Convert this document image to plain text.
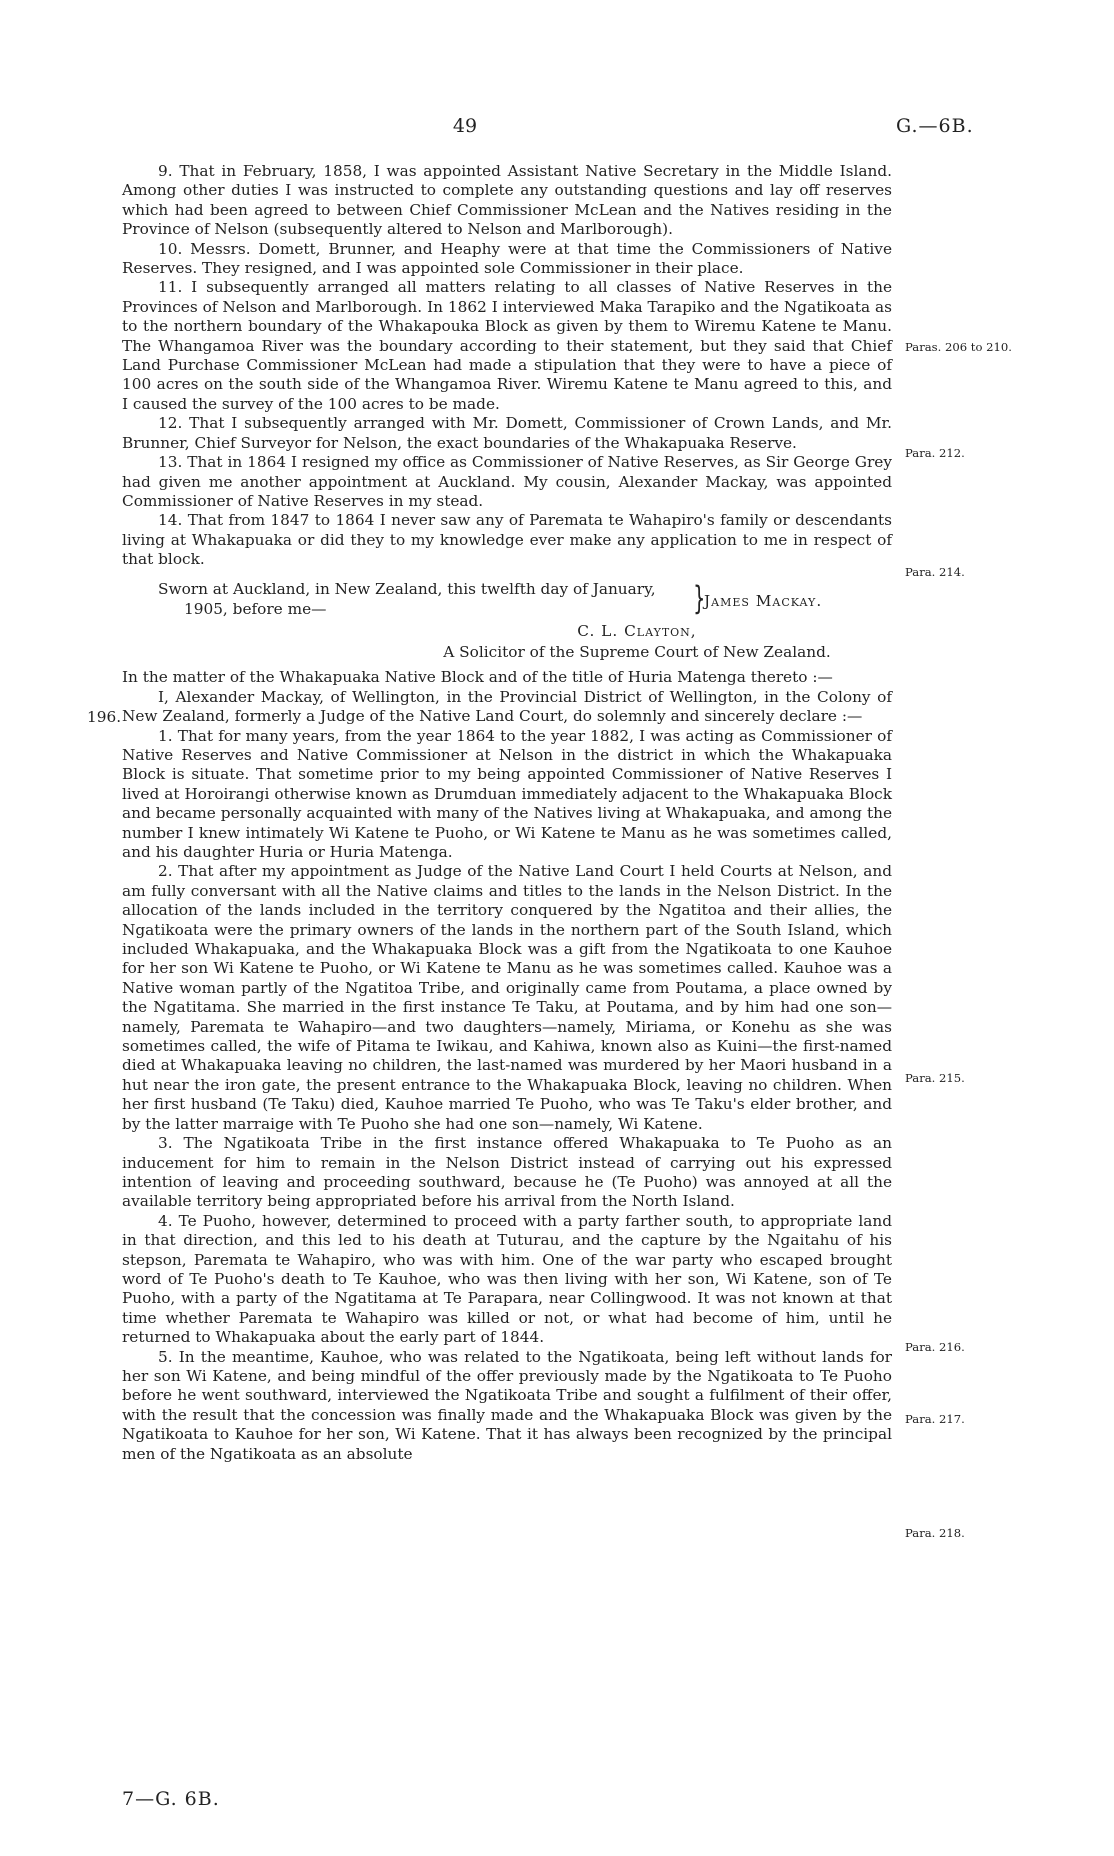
49	G.—6B.

9. That in February, 1858, I was appointed Assistant Native Secretary in the Middle Island. Among other duties I was instructed to complete any outstanding questions and lay off reserves which had been agreed to between Chief Commissioner McLean and the Natives residing in the Province of Nelson (subsequently altered to Nelson and Marlborough).

10. Messrs. Domett, Brunner, and Heaphy were at that time the Commissioners of Native Reserves. They resigned, and I was appointed sole Commissioner in their place.

11. I subsequently arranged all matters relating to all classes of Native Reserves in the Provinces of Nelson and Marlborough. In 1862 I interviewed Maka Tarapiko and the Ngatikoata as to the northern boundary of the Whakapouka Block as given by them to Wiremu Katene te Manu. The Whangamoa River was the boundary according to their statement, but they said that Chief Land Purchase Commissioner McLean had made a stipulation that they were to have a piece of 100 acres on the south side of the Whangamoa River. Wiremu Katene te Manu agreed to this, and I caused the survey of the 100 acres to be made.

12. That I subsequently arranged with Mr. Domett, Commissioner of Crown Lands, and Mr. Brunner, Chief Surveyor for Nelson, the exact boundaries of the Whakapuaka Reserve.

13. That in 1864 I resigned my office as Commissioner of Native Reserves, as Sir George Grey had given me another appointment at Auckland. My cousin, Alexander Mackay, was appointed Commissioner of Native Reserves in my stead.

14. That from 1847 to 1864 I never saw any of Paremata te Wahapiro's family or descendants living at Whakapuaka or did they to my knowledge ever make any application to me in respect of that block.

Sworn at Auckland, in New Zealand, this twelfth day of January,
1905, before me—	}
James Mackay.

C. L. Clayton,

A Solicitor of the Supreme Court of New Zealand.

In the matter of the Whakapuaka Native Block and of the title of Huria Matenga thereto :—

I, Alexander Mackay, of Wellington, in the Provincial District of Wellington, in the Colony of New Zealand, formerly a Judge of the Native Land Court, do solemnly and sincerely declare :—

1. That for many years, from the year 1864 to the year 1882, I was acting as Commissioner of Native Reserves and Native Commissioner at Nelson in the district in which the Whakapuaka Block is situate. That sometime prior to my being appointed Commissioner of Native Reserves I lived at Horoirangi otherwise known as Drumduan immediately adjacent to the Whakapuaka Block and became personally acquainted with many of the Natives living at Whakapuaka, and among the number I knew intimately Wi Katene te Puoho, or Wi Katene te Manu as he was sometimes called, and his daughter Huria or Huria Matenga.

2. That after my appointment as Judge of the Native Land Court I held Courts at Nelson, and am fully conversant with all the Native claims and titles to the lands in the Nelson District. In the allocation of the lands included in the territory conquered by the Ngatitoa and their allies, the Ngatikoata were the primary owners of the lands in the northern part of the South Island, which included Whakapuaka, and the Whakapuaka Block was a gift from the Ngatikoata to one Kauhoe for her son Wi Katene te Puoho, or Wi Katene te Manu as he was sometimes called. Kauhoe was a Native woman partly of the Ngatitoa Tribe, and originally came from Poutama, a place owned by the Ngatitama. She married in the first instance Te Taku, at Poutama, and by him had one son—namely, Paremata te Wahapiro—and two daughters—namely, Miriama, or Konehu as she was sometimes called, the wife of Pitama te Iwikau, and Kahiwa, known also as Kuini—the first-named died at Whakapuaka leaving no children, the last-named was murdered by her Maori husband in a hut near the iron gate, the present entrance to the Whakapuaka Block, leaving no children. When her first husband (Te Taku) died, Kauhoe married Te Puoho, who was Te Taku's elder brother, and by the latter marraige with Te Puoho she had one son—namely, Wi Katene.

3. The Ngatikoata Tribe in the first instance offered Whakapuaka to Te Puoho as an inducement for him to remain in the Nelson District instead of carrying out his expressed intention of leaving and proceeding southward, because he (Te Puoho) was annoyed at all the available territory being appropriated before his arrival from the North Island.

4. Te Puoho, however, determined to proceed with a party farther south, to appropriate land in that direction, and this led to his death at Tuturau, and the capture by the Ngaitahu of his stepson, Paremata te Wahapiro, who was with him. One of the war party who escaped brought word of Te Puoho's death to Te Kauhoe, who was then living with her son, Wi Katene, son of Te Puoho, with a party of the Ngatitama at Te Parapara, near Collingwood. It was not known at that time whether Paremata te Wahapiro was killed or not, or what had become of him, until he returned to Whakapuaka about the early part of 1844.

5. In the meantime, Kauhoe, who was related to the Ngatikoata, being left without lands for her son Wi Katene, and being mindful of the offer previously made by the Ngatikoata to Te Puoho before he went southward, interviewed the Ngatikoata Tribe and sought a fulfilment of their offer, with the result that the concession was finally made and the Whakapuaka Block was given by the Ngatikoata to Kauhoe for her son, Wi Katene. That it has always been recognized by the principal men of the Ngatikoata as an absolute

196.
Paras. 206 to 210.
Para. 212.
Para. 214.
Para. 215.
Para. 216.
Para. 217.
Para. 218.
7—G. 6B.
